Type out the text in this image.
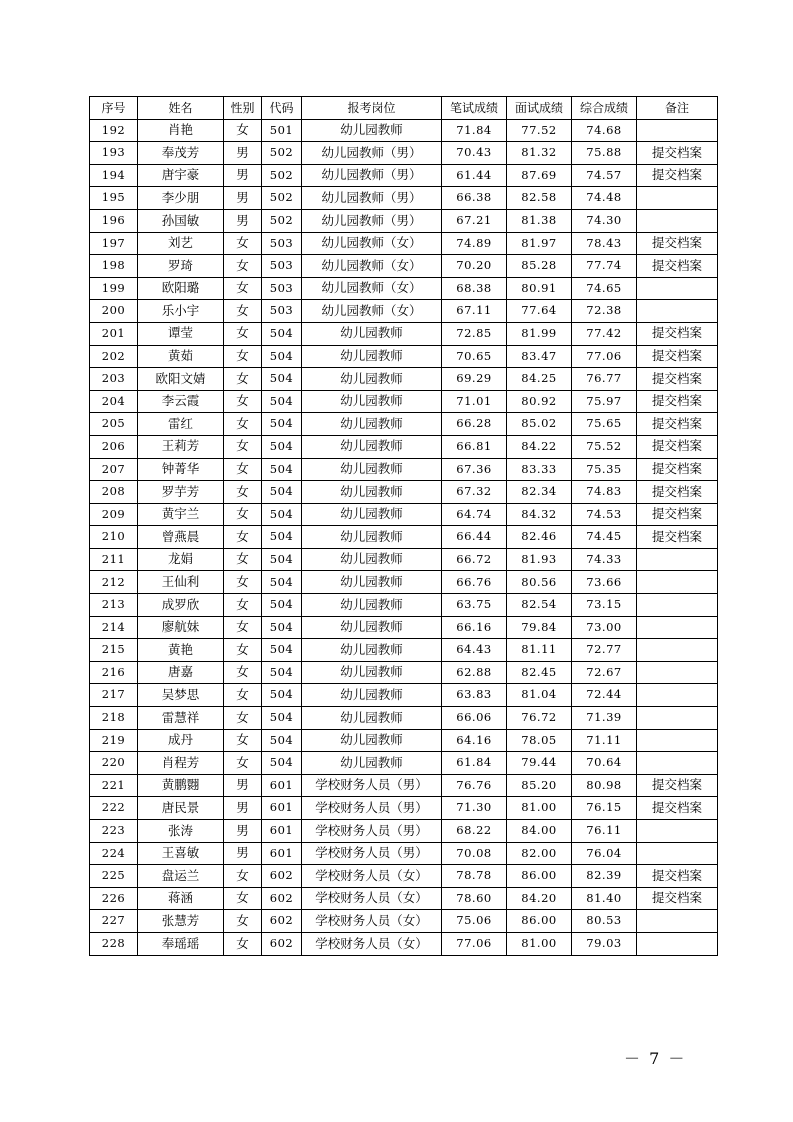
序号	姓名	性别	代码	报考岗位	笔试成绩	面试成绩	综合成绩	备注
192	肖艳	女	501	幼儿园教师	71.84	77.52	74.68	
193	奉茂芳	男	502	幼儿园教师（男）	70.43	81.32	75.88	提交档案
194	唐宇豪	男	502	幼儿园教师（男）	61.44	87.69	74.57	提交档案
195	李少朋	男	502	幼儿园教师（男）	66.38	82.58	74.48	
196	孙国敏	男	502	幼儿园教师（男）	67.21	81.38	74.30	
197	刘艺	女	503	幼儿园教师（女）	74.89	81.97	78.43	提交档案
198	罗琦	女	503	幼儿园教师（女）	70.20	85.28	77.74	提交档案
199	欧阳璐	女	503	幼儿园教师（女）	68.38	80.91	74.65	
200	乐小宇	女	503	幼儿园教师（女）	67.11	77.64	72.38	
201	谭莹	女	504	幼儿园教师	72.85	81.99	77.42	提交档案
202	黄茹	女	504	幼儿园教师	70.65	83.47	77.06	提交档案
203	欧阳文婧	女	504	幼儿园教师	69.29	84.25	76.77	提交档案
204	李云霞	女	504	幼儿园教师	71.01	80.92	75.97	提交档案
205	雷红	女	504	幼儿园教师	66.28	85.02	75.65	提交档案
206	王莉芳	女	504	幼儿园教师	66.81	84.22	75.52	提交档案
207	钟菁华	女	504	幼儿园教师	67.36	83.33	75.35	提交档案
208	罗芋芳	女	504	幼儿园教师	67.32	82.34	74.83	提交档案
209	黄宇兰	女	504	幼儿园教师	64.74	84.32	74.53	提交档案
210	曾燕晨	女	504	幼儿园教师	66.44	82.46	74.45	提交档案
211	龙娟	女	504	幼儿园教师	66.72	81.93	74.33	
212	王仙利	女	504	幼儿园教师	66.76	80.56	73.66	
213	成罗欣	女	504	幼儿园教师	63.75	82.54	73.15	
214	廖航妹	女	504	幼儿园教师	66.16	79.84	73.00	
215	黄艳	女	504	幼儿园教师	64.43	81.11	72.77	
216	唐嘉	女	504	幼儿园教师	62.88	82.45	72.67	
217	吴梦思	女	504	幼儿园教师	63.83	81.04	72.44	
218	雷慧祥	女	504	幼儿园教师	66.06	76.72	71.39	
219	成丹	女	504	幼儿园教师	64.16	78.05	71.11	
220	肖程芳	女	504	幼儿园教师	61.84	79.44	70.64	
221	黄鹏翾	男	601	学校财务人员（男）	76.76	85.20	80.98	提交档案
222	唐民景	男	601	学校财务人员（男）	71.30	81.00	76.15	提交档案
223	张涛	男	601	学校财务人员（男）	68.22	84.00	76.11	
224	王喜敏	男	601	学校财务人员（男）	70.08	82.00	76.04	
225	盘运兰	女	602	学校财务人员（女）	78.78	86.00	82.39	提交档案
226	蒋涵	女	602	学校财务人员（女）	78.60	84.20	81.40	提交档案
227	张慧芳	女	602	学校财务人员（女）	75.06	86.00	80.53	
228	奉瑶瑶	女	602	学校财务人员（女）	77.06	81.00	79.03	
－ 7 －
